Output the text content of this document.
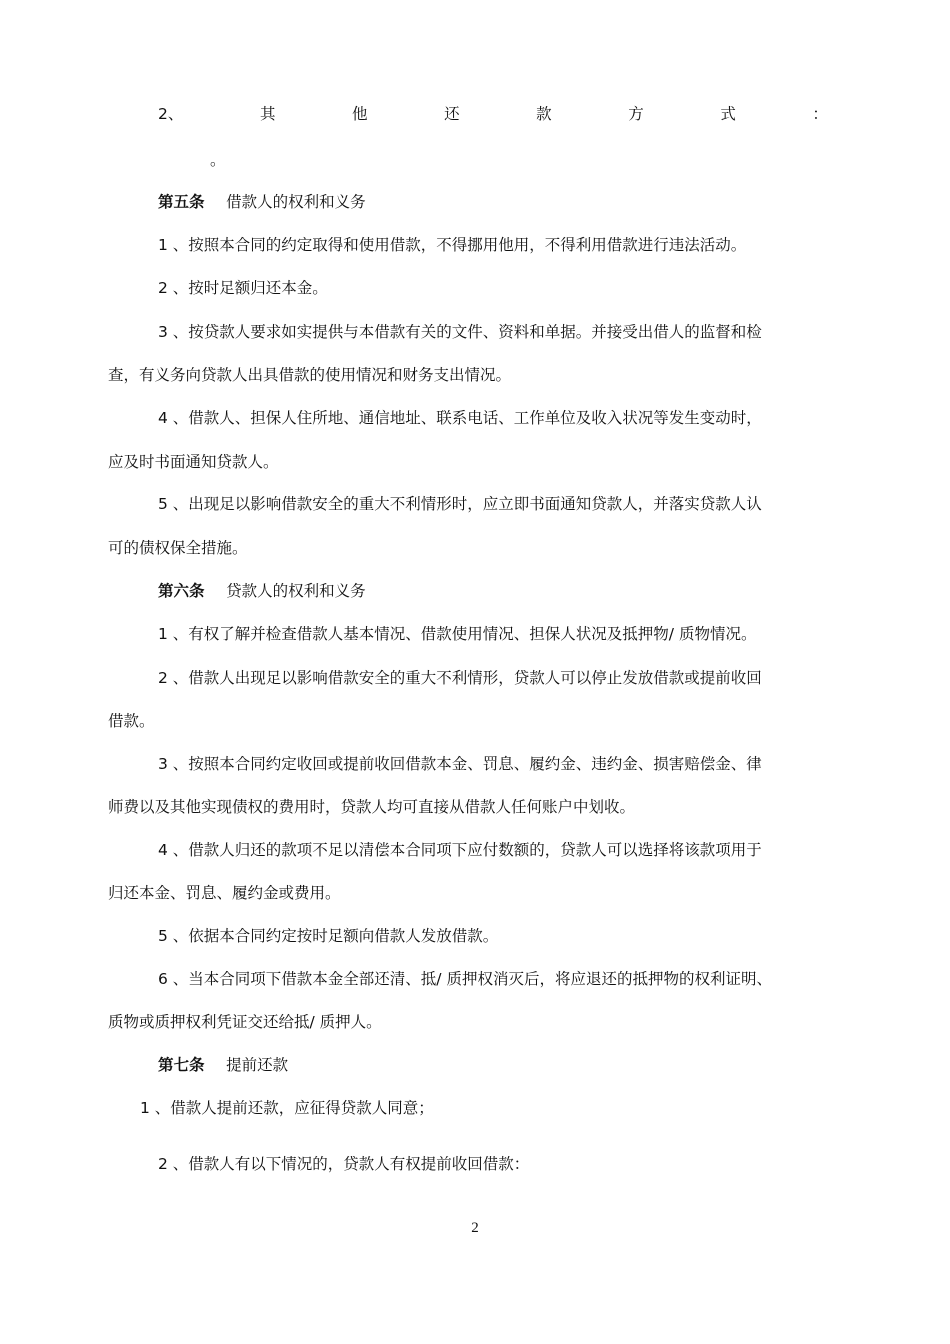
2、	其	他	还	款	方	式	：
。
第五条 借款人的权利和义务
1 、按照本合同的约定取得和使用借款，不得挪用他用，不得利用借款进行违法活动。
2 、按时足额归还本金。
3 、按贷款人要求如实提供与本借款有关的文件、资料和单据。并接受出借人的监督和检
查，有义务向贷款人出具借款的使用情况和财务支出情况。
4 、借款人、担保人住所地、通信地址、联系电话、工作单位及收入状况等发生变动时，
应及时书面通知贷款人。
5 、出现足以影响借款安全的重大不利情形时，应立即书面通知贷款人，并落实贷款人认
可的债权保全措施。
第六条 贷款人的权利和义务
1 、有权了解并检查借款人基本情况、借款使用情况、担保人状况及抵押物/ 质物情况。
2 、借款人出现足以影响借款安全的重大不利情形，贷款人可以停止发放借款或提前收回
借款。
3 、按照本合同约定收回或提前收回借款本金、罚息、履约金、违约金、损害赔偿金、律
师费以及其他实现债权的费用时，贷款人均可直接从借款人任何账户中划收。
4 、借款人归还的款项不足以清偿本合同项下应付数额的，贷款人可以选择将该款项用于
归还本金、罚息、履约金或费用。
5 、依据本合同约定按时足额向借款人发放借款。
6 、当本合同项下借款本金全部还清、抵/ 质押权消灭后，将应退还的抵押物的权利证明、
质物或质押权利凭证交还给抵/ 质押人。
第七条 提前还款
1 、借款人提前还款，应征得贷款人同意；
2 、借款人有以下情况的，贷款人有权提前收回借款：
2
